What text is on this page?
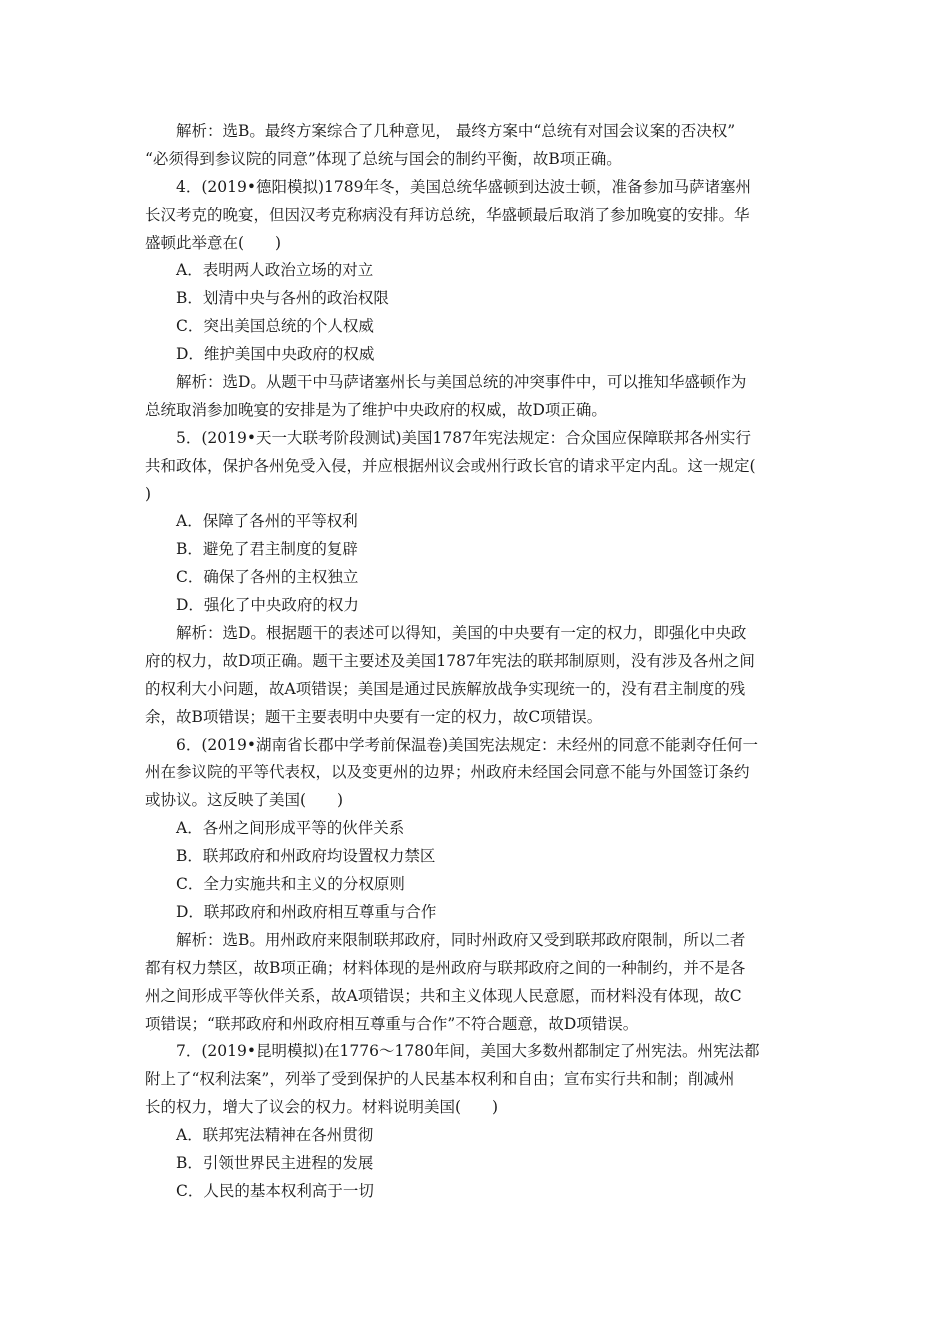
解析：选B。最终方案综合了几种意见， 最终方案中“总统有对国会议案的否决权”
“必须得到参议院的同意”体现了总统与国会的制约平衡，故B项正确。
4．(2019•德阳模拟)1789年冬，美国总统华盛顿到达波士顿，准备参加马萨诸塞州
长汉考克的晚宴，但因汉考克称病没有拜访总统，华盛顿最后取消了参加晚宴的安排。华
盛顿此举意在(　　)
A．表明两人政治立场的对立
B．划清中央与各州的政治权限
C．突出美国总统的个人权威
D．维护美国中央政府的权威
解析：选D。从题干中马萨诸塞州长与美国总统的冲突事件中，可以推知华盛顿作为
总统取消参加晚宴的安排是为了维护中央政府的权威，故D项正确。
5．(2019•天一大联考阶段测试)美国1787年宪法规定：合众国应保障联邦各州实行
共和政体，保护各州免受入侵，并应根据州议会或州行政长官的请求平定内乱。这一规定(
)
A．保障了各州的平等权利
B．避免了君主制度的复辟
C．确保了各州的主权独立
D．强化了中央政府的权力
解析：选D。根据题干的表述可以得知，美国的中央要有一定的权力，即强化中央政
府的权力，故D项正确。题干主要述及美国1787年宪法的联邦制原则，没有涉及各州之间
的权利大小问题，故A项错误；美国是通过民族解放战争实现统一的，没有君主制度的残
余，故B项错误；题干主要表明中央要有一定的权力，故C项错误。
6．(2019•湖南省长郡中学考前保温卷)美国宪法规定：未经州的同意不能剥夺任何一
州在参议院的平等代表权，以及变更州的边界；州政府未经国会同意不能与外国签订条约
或协议。这反映了美国(　　)
A．各州之间形成平等的伙伴关系
B．联邦政府和州政府均设置权力禁区
C．全力实施共和主义的分权原则
D．联邦政府和州政府相互尊重与合作
解析：选B。用州政府来限制联邦政府，同时州政府又受到联邦政府限制，所以二者
都有权力禁区，故B项正确；材料体现的是州政府与联邦政府之间的一种制约，并不是各
州之间形成平等伙伴关系，故A项错误；共和主义体现人民意愿，而材料没有体现，故C
项错误；“联邦政府和州政府相互尊重与合作”不符合题意，故D项错误。
7．(2019•昆明模拟)在1776～1780年间，美国大多数州都制定了州宪法。州宪法都
附上了“权利法案”，列举了受到保护的人民基本权利和自由；宣布实行共和制；削减州
长的权力，增大了议会的权力。材料说明美国(　　)
A．联邦宪法精神在各州贯彻
B．引领世界民主进程的发展
C．人民的基本权利高于一切
